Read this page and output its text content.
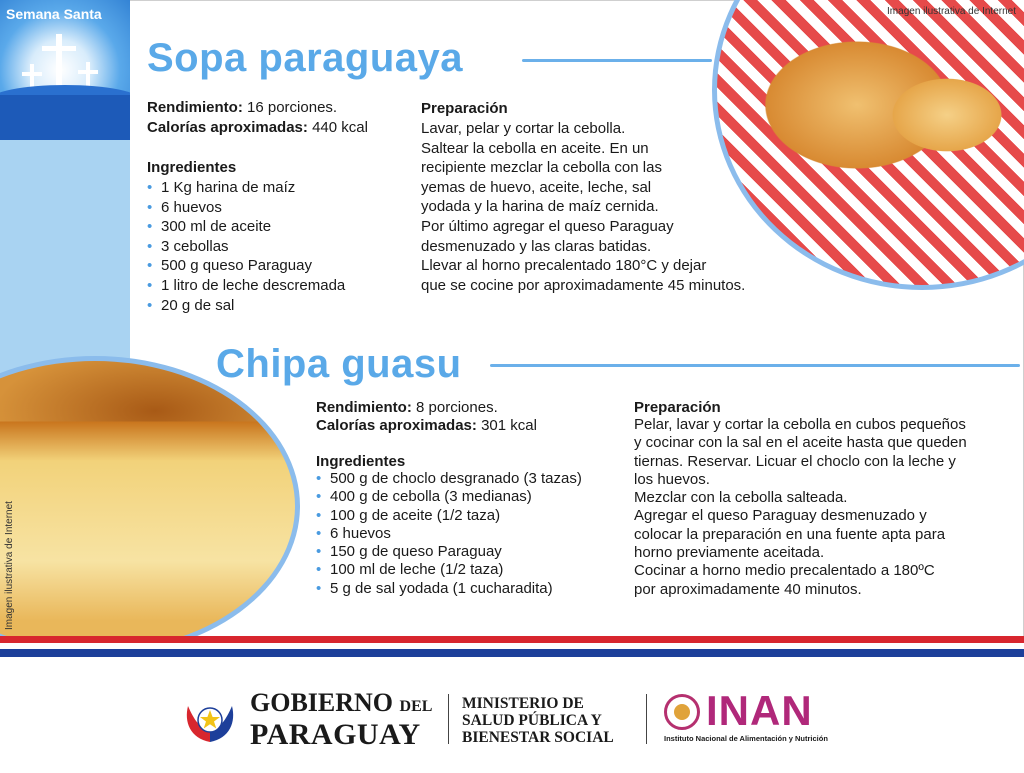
Semana Santa	Imagen ilustrativa de Internet
Imagen ilustrativa de Internet
Sopa paraguaya
Rendimiento: 16 porciones.
Calorías aproximadas: 440 kcal
Ingredientes
• 1 Kg harina de maíz
• 6 huevos
• 300 ml de aceite
• 3 cebollas
• 500 g queso Paraguay
• 1 litro de leche descremada
• 20 g de sal
Preparación
Lavar, pelar y cortar la cebolla.
Saltear la cebolla en aceite. En un
recipiente mezclar la cebolla con las
yemas de huevo, aceite, leche, sal
yodada y la harina de maíz cernida.
Por último agregar el queso Paraguay
desmenuzado y las claras batidas.
Llevar al horno precalentado 180°C y dejar
que se cocine por aproximadamente 45 minutos.
Chipa guasu
Rendimiento: 8 porciones.
Calorías aproximadas: 301 kcal
Ingredientes
• 500 g de choclo desgranado (3 tazas)
• 400 g de cebolla (3 medianas)
• 100 g de aceite (1/2 taza)
• 6 huevos
• 150 g de queso Paraguay
• 100 ml de leche (1/2 taza)
• 5 g de sal yodada (1 cucharadita)
Preparación
Pelar, lavar y cortar la cebolla en cubos pequeños
y cocinar con la sal en el aceite hasta que queden
tiernas. Reservar. Licuar el choclo con la leche y
los huevos.
Mezclar con la cebolla salteada.
Agregar el queso Paraguay desmenuzado y
colocar la preparación en una fuente apta para
horno previamente aceitada.
Cocinar a horno medio precalentado a 180ºC
por aproximadamente 40 minutos.
GOBIERNO DEL
PARAGUAY
MINISTERIO DE
SALUD PÚBLICA Y
BIENESTAR SOCIAL
INAN
Instituto Nacional de Alimentación y Nutrición
